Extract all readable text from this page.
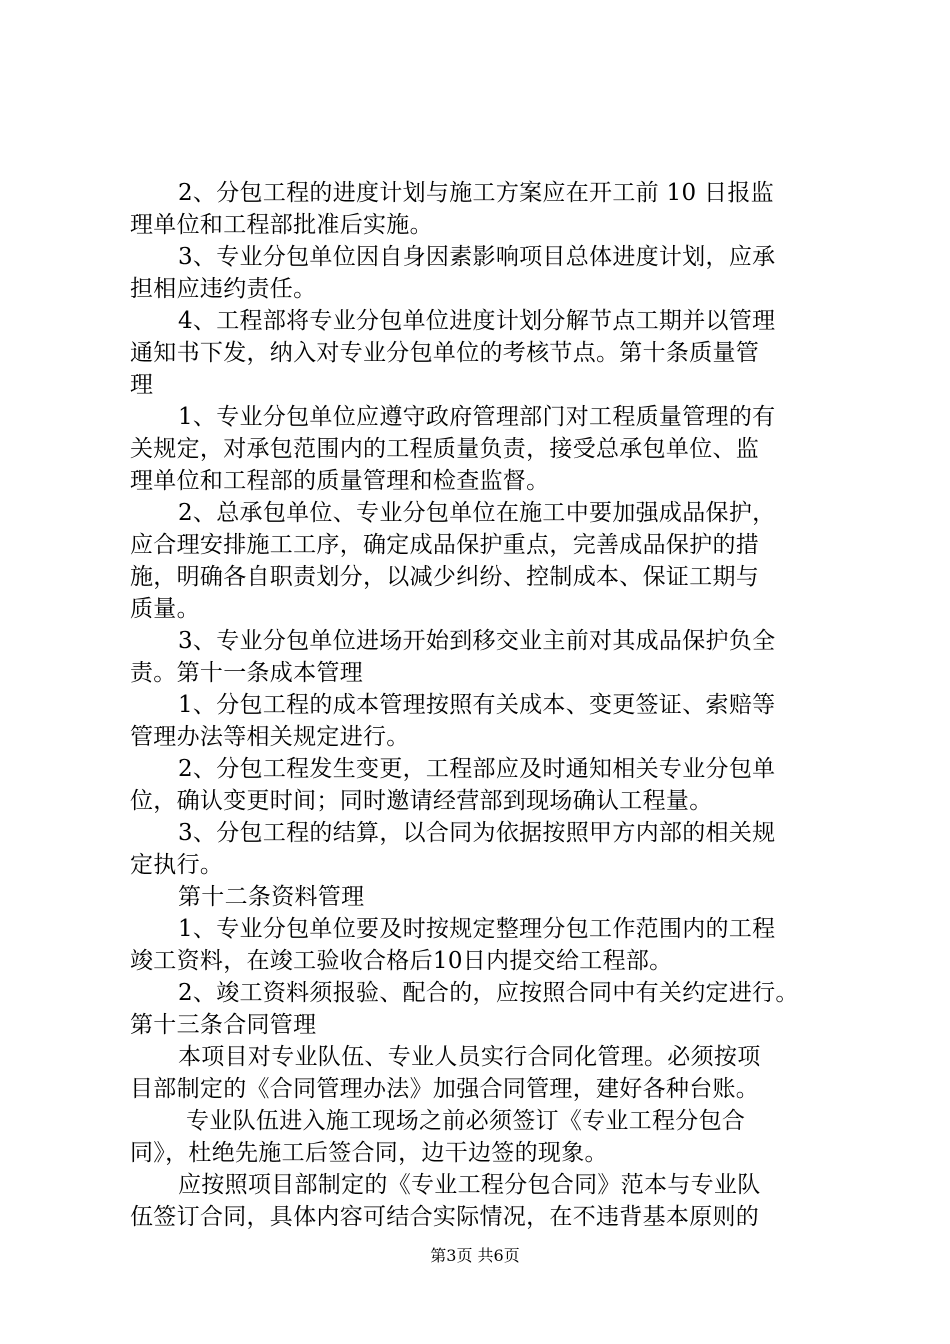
2、分包工程的进度计划与施工方案应在开工前 10 日报监
理单位和工程部批准后实施。
3、专业分包单位因自身因素影响项目总体进度计划，应承
担相应违约责任。
4、工程部将专业分包单位进度计划分解节点工期并以管理
通知书下发，纳入对专业分包单位的考核节点。第十条质量管
理
1、专业分包单位应遵守政府管理部门对工程质量管理的有
关规定，对承包范围内的工程质量负责，接受总承包单位、监
理单位和工程部的质量管理和检查监督。
2、总承包单位、专业分包单位在施工中要加强成品保护，
应合理安排施工工序，确定成品保护重点，完善成品保护的措
施，明确各自职责划分，以减少纠纷、控制成本、保证工期与
质量。
3、专业分包单位进场开始到移交业主前对其成品保护负全
责。第十一条成本管理
1、分包工程的成本管理按照有关成本、变更签证、索赔等
管理办法等相关规定进行。
2、分包工程发生变更，工程部应及时通知相关专业分包单
位，确认变更时间；同时邀请经营部到现场确认工程量。
3、分包工程的结算，以合同为依据按照甲方内部的相关规
定执行。
第十二条资料管理
1、专业分包单位要及时按规定整理分包工作范围内的工程
竣工资料，在竣工验收合格后10日内提交给工程部。
2、竣工资料须报验、配合的，应按照合同中有关约定进行。
第十三条合同管理
本项目对专业队伍、专业人员实行合同化管理。必须按项
目部制定的《合同管理办法》加强合同管理，建好各种台账。
专业队伍进入施工现场之前必须签订《专业工程分包合
同》，杜绝先施工后签合同，边干边签的现象。
应按照项目部制定的《专业工程分包合同》范本与专业队
伍签订合同，具体内容可结合实际情况，在不违背基本原则的
第3页 共6页
